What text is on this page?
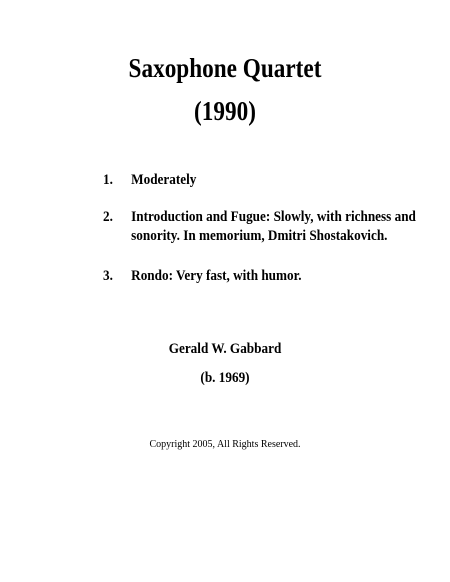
Saxophone Quartet
(1990)
1. Moderately
2. Introduction and Fugue: Slowly, with richness and
sonority. In memorium, Dmitri Shostakovich.
3. Rondo: Very fast, with humor.
Gerald W. Gabbard
(b. 1969)
Copyright 2005, All Rights Reserved.
